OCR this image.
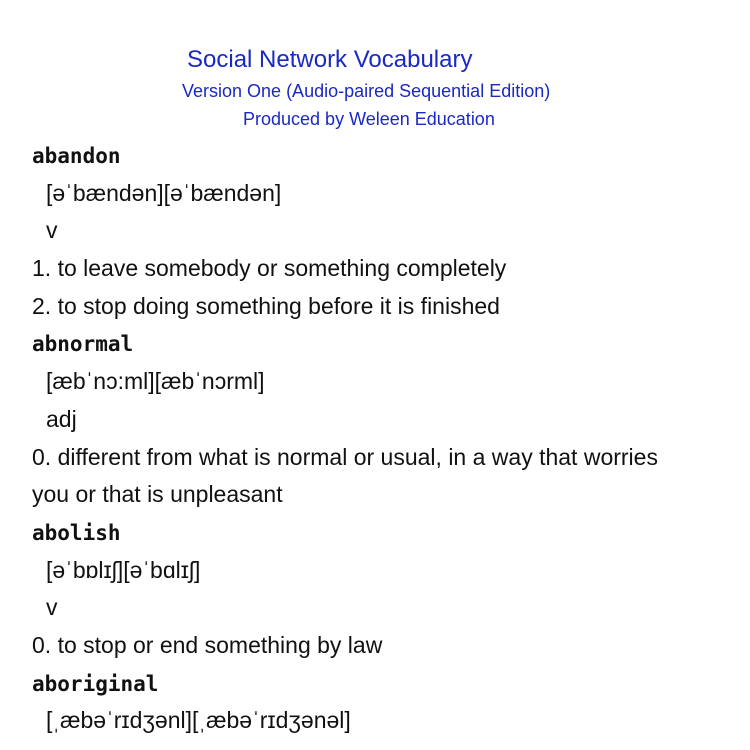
Social Network Vocabulary
Version One (Audio-paired Sequential Edition)
Produced by Weleen Education
abandon
[əˈbændən][əˈbændən]
v
1. to leave somebody or something completely
2. to stop doing something before it is finished
abnormal
[æbˈnɔ:ml][æbˈnɔrml]
adj
0. different from what is normal or usual, in a way that worries
you or that is unpleasant
abolish
[əˈbɒlɪʃ][əˈbɑlɪʃ]
v
0. to stop or end something by law
aboriginal
[ˌæbəˈrɪdʒənl][ˌæbəˈrɪdʒənəl]
